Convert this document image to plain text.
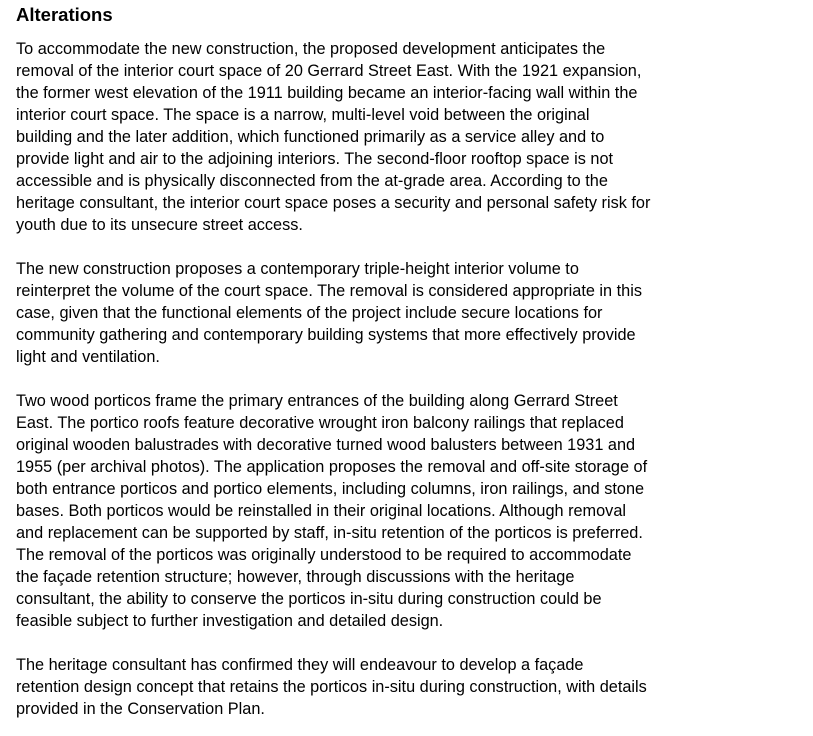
Alterations

To accommodate the new construction, the proposed development anticipates the
removal of the interior court space of 20 Gerrard Street East. With the 1921 expansion,
the former west elevation of the 1911 building became an interior-facing wall within the
interior court space. The space is a narrow, multi-level void between the original
building and the later addition, which functioned primarily as a service alley and to
provide light and air to the adjoining interiors. The second-floor rooftop space is not
accessible and is physically disconnected from the at-grade area. According to the
heritage consultant, the interior court space poses a security and personal safety risk for
youth due to its unsecure street access.

The new construction proposes a contemporary triple-height interior volume to
reinterpret the volume of the court space. The removal is considered appropriate in this
case, given that the functional elements of the project include secure locations for
community gathering and contemporary building systems that more effectively provide
light and ventilation.

Two wood porticos frame the primary entrances of the building along Gerrard Street
East. The portico roofs feature decorative wrought iron balcony railings that replaced
original wooden balustrades with decorative turned wood balusters between 1931 and
1955 (per archival photos). The application proposes the removal and off-site storage of
both entrance porticos and portico elements, including columns, iron railings, and stone
bases. Both porticos would be reinstalled in their original locations. Although removal
and replacement can be supported by staff, in-situ retention of the porticos is preferred.
The removal of the porticos was originally understood to be required to accommodate
the façade retention structure; however, through discussions with the heritage
consultant, the ability to conserve the porticos in-situ during construction could be
feasible subject to further investigation and detailed design.

The heritage consultant has confirmed they will endeavour to develop a façade
retention design concept that retains the porticos in-situ during construction, with details
provided in the Conservation Plan.
